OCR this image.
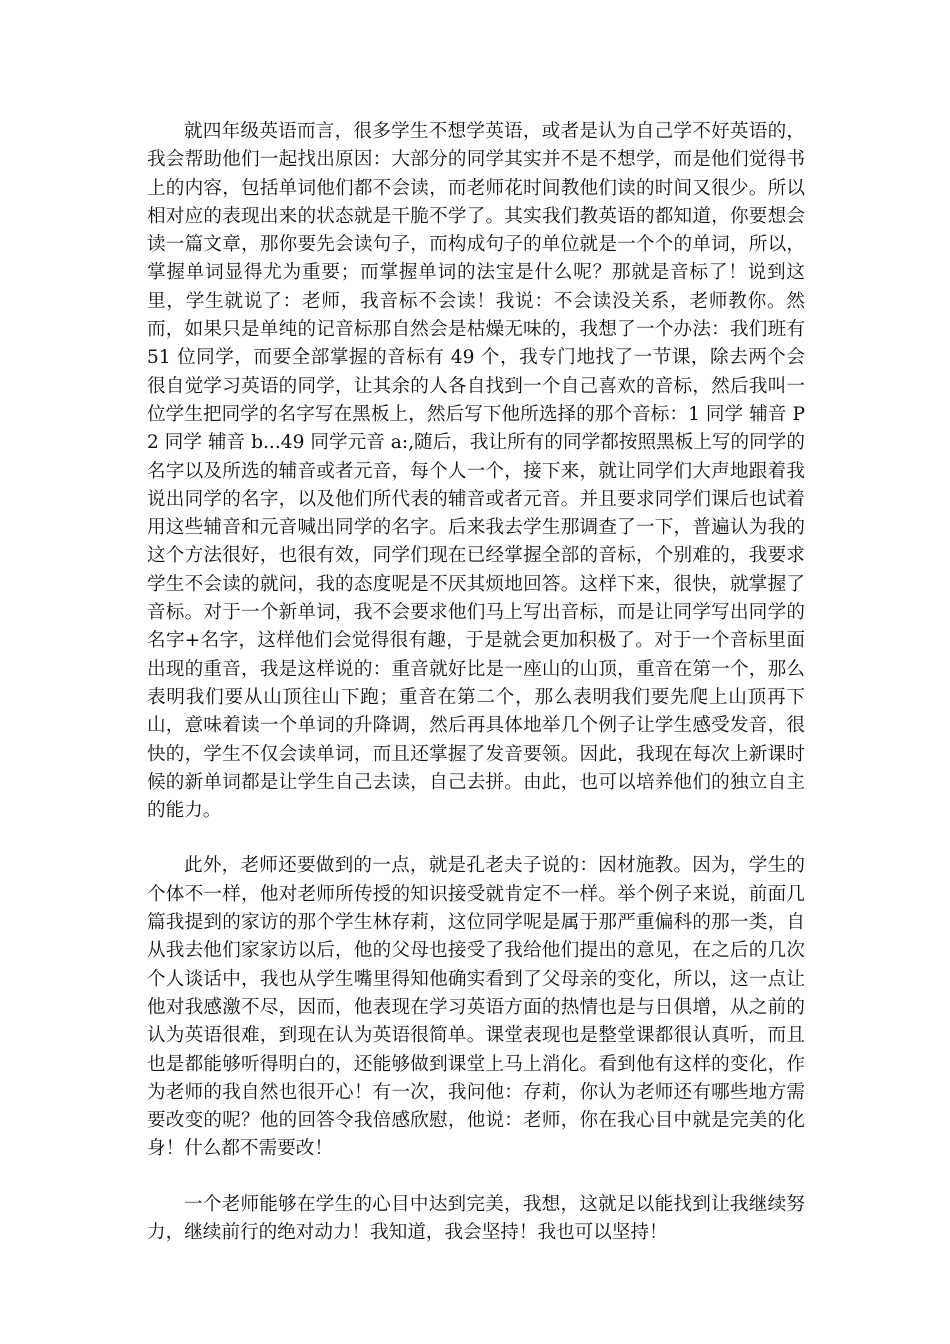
就四年级英语而言，很多学生不想学英语，或者是认为自己学不好英语的，我会帮助他们一起找出原因：大部分的同学其实并不是不想学，而是他们觉得书上的内容，包括单词他们都不会读，而老师花时间教他们读的时间又很少。所以相对应的表现出来的状态就是干脆不学了。其实我们教英语的都知道，你要想会读一篇文章，那你要先会读句子，而构成句子的单位就是一个个的单词，所以，掌握单词显得尤为重要；而掌握单词的法宝是什么呢？那就是音标了！说到这里，学生就说了：老师，我音标不会读！我说：不会读没关系，老师教你。然而，如果只是单纯的记音标那自然会是枯燥无味的，我想了一个办法：我们班有 51 位同学，而要全部掌握的音标有 49 个，我专门地找了一节课，除去两个会很自觉学习英语的同学，让其余的人各自找到一个自己喜欢的音标，然后我叫一位学生把同学的名字写在黑板上，然后写下他所选择的那个音标：1 同学 辅音 P 2 同学 辅音 b...49 同学元音 a:,随后，我让所有的同学都按照黑板上写的同学的名字以及所选的辅音或者元音，每个人一个，接下来，就让同学们大声地跟着我说出同学的名字，以及他们所代表的辅音或者元音。并且要求同学们课后也试着用这些辅音和元音喊出同学的名字。后来我去学生那调查了一下，普遍认为我的这个方法很好，也很有效，同学们现在已经掌握全部的音标，个别难的，我要求学生不会读的就问，我的态度呢是不厌其烦地回答。这样下来，很快，就掌握了音标。对于一个新单词，我不会要求他们马上写出音标，而是让同学写出同学的名字+名字，这样他们会觉得很有趣，于是就会更加积极了。对于一个音标里面出现的重音，我是这样说的：重音就好比是一座山的山顶，重音在第一个，那么表明我们要从山顶往山下跑；重音在第二个，那么表明我们要先爬上山顶再下山，意味着读一个单词的升降调，然后再具体地举几个例子让学生感受发音，很快的，学生不仅会读单词，而且还掌握了发音要领。因此，我现在每次上新课时候的新单词都是让学生自己去读，自己去拼。由此，也可以培养他们的独立自主的能力。

此外，老师还要做到的一点，就是孔老夫子说的：因材施教。因为，学生的个体不一样，他对老师所传授的知识接受就肯定不一样。举个例子来说，前面几篇我提到的家访的那个学生林存莉，这位同学呢是属于那严重偏科的那一类，自从我去他们家家访以后，他的父母也接受了我给他们提出的意见，在之后的几次个人谈话中，我也从学生嘴里得知他确实看到了父母亲的变化，所以，这一点让他对我感激不尽，因而，他表现在学习英语方面的热情也是与日俱增，从之前的认为英语很难，到现在认为英语很简单。课堂表现也是整堂课都很认真听，而且也是都能够听得明白的，还能够做到课堂上马上消化。看到他有这样的变化，作为老师的我自然也很开心！有一次，我问他：存莉，你认为老师还有哪些地方需要改变的呢？他的回答令我倍感欣慰，他说：老师，你在我心目中就是完美的化身！什么都不需要改！

一个老师能够在学生的心目中达到完美，我想，这就足以能找到让我继续努力，继续前行的绝对动力！我知道，我会坚持！我也可以坚持！
